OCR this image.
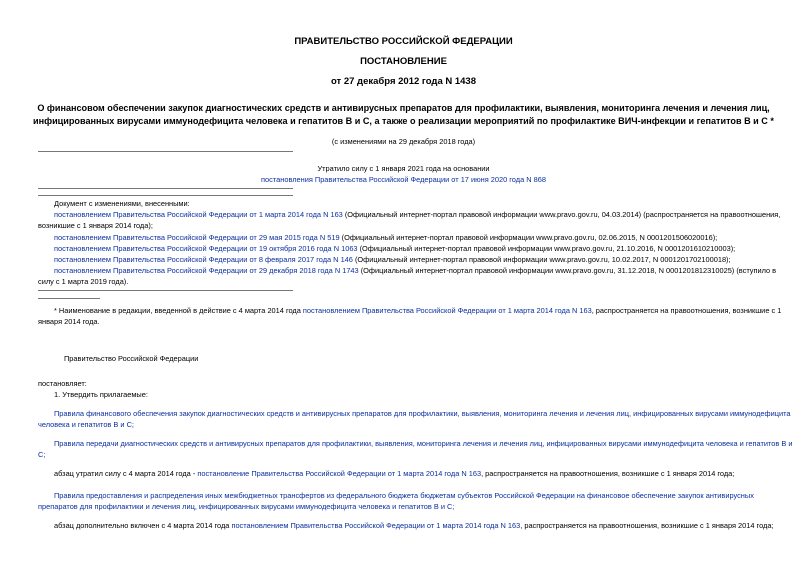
ПРАВИТЕЛЬСТВО РОССИЙСКОЙ ФЕДЕРАЦИИ
ПОСТАНОВЛЕНИЕ
от 27 декабря 2012 года N 1438
О финансовом обеспечении закупок диагностических средств и антивирусных препаратов для профилактики, выявления, мониторинга лечения и лечения лиц,
инфицированных вирусами иммунодефицита человека и гепатитов B и C, а также о реализации мероприятий по профилактике ВИЧ-инфекции и гепатитов B и C *
(с изменениями на 29 декабря 2018 года)
Утратило силу с 1 января 2021 года на основании
постановления Правительства Российской Федерации от 17 июня 2020 года N 868
Документ с изменениями, внесенными:
постановлением Правительства Российской Федерации от 1 марта 2014 года N 163 (Официальный интернет-портал правовой информации www.pravo.gov.ru, 04.03.2014) (распространяется на правоотношения,
возникшие с 1 января 2014 года);
постановлением Правительства Российской Федерации от 29 мая 2015 года N 519 (Официальный интернет-портал правовой информации www.pravo.gov.ru, 02.06.2015, N 0001201506020016);
постановлением Правительства Российской Федерации от 19 октября 2016 года N 1063 (Официальный интернет-портал правовой информации www.pravo.gov.ru, 21.10.2016, N 0001201610210003);
постановлением Правительства Российской Федерации от 8 февраля 2017 года N 146 (Официальный интернет-портал правовой информации www.pravo.gov.ru, 10.02.2017, N 0001201702100018);
постановлением Правительства Российской Федерации от 29 декабря 2018 года N 1743 (Официальный интернет-портал правовой информации www.pravo.gov.ru, 31.12.2018, N 0001201812310025) (вступило в
силу с 1 марта 2019 года).
* Наименование в редакции, введенной в действие с 4 марта 2014 года постановлением Правительства Российской Федерации от 1 марта 2014 года N 163, распространяется на правоотношения, возникшие с 1
января 2014 года.
Правительство Российской Федерации
постановляет:
1. Утвердить прилагаемые:
Правила финансового обеспечения закупок диагностических средств и антивирусных препаратов для профилактики, выявления, мониторинга лечения и лечения лиц, инфицированных вирусами иммунодефицита
человека и гепатитов B и C;
Правила передачи диагностических средств и антивирусных препаратов для профилактики, выявления, мониторинга лечения и лечения лиц, инфицированных вирусами иммунодефицита человека и гепатитов B и
C;
абзац утратил силу с 4 марта 2014 года - постановление Правительства Российской Федерации от 1 марта 2014 года N 163, распространяется на правоотношения, возникшие с 1 января 2014 года;
Правила предоставления и распределения иных межбюджетных трансфертов из федерального бюджета бюджетам субъектов Российской Федерации на финансовое обеспечение закупок антивирусных
препаратов для профилактики и лечения лиц, инфицированных вирусами иммунодефицита человека и гепатитов B и C;
абзац дополнительно включен с 4 марта 2014 года постановлением Правительства Российской Федерации от 1 марта 2014 года N 163, распространяется на правоотношения, возникшие с 1 января 2014 года;
